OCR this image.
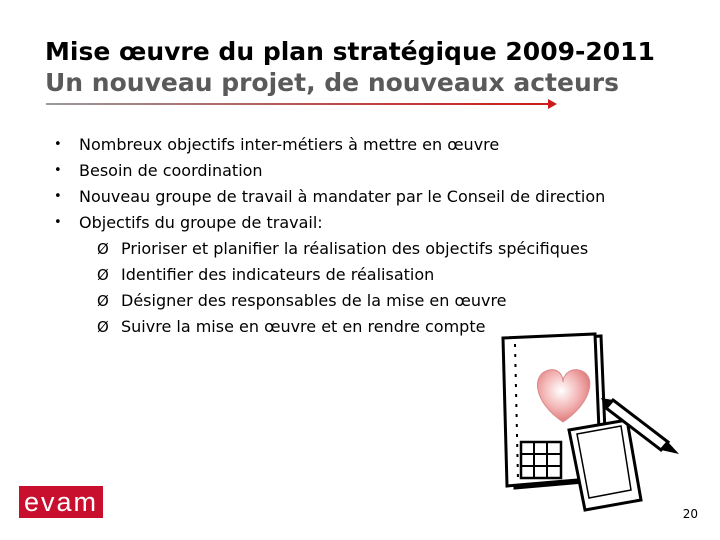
Mise œuvre du plan stratégique 2009-2011
Un nouveau projet, de nouveaux acteurs
• Nombreux objectifs inter-métiers à mettre en œuvre
• Besoin de coordination
• Nouveau groupe de travail à mandater par le Conseil de direction
• Objectifs du groupe de travail:
Ø Prioriser et planifier la réalisation des objectifs spécifiques
Ø Identifier des indicateurs de réalisation
Ø Désigner des responsables de la mise en œuvre
Ø Suivre la mise en œuvre et en rendre compte
evam	20
